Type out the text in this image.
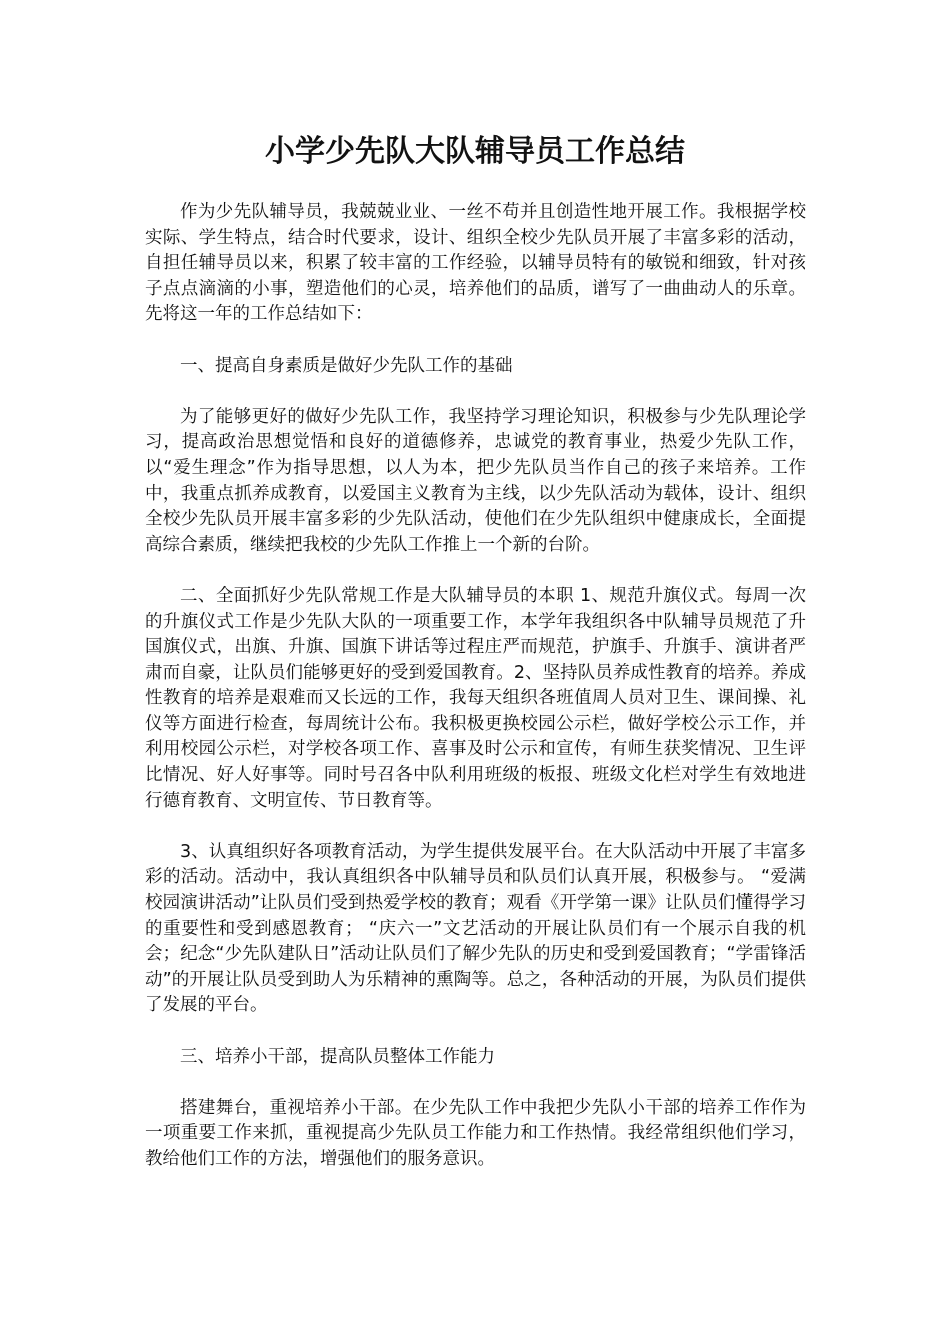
小学少先队大队辅导员工作总结

作为少先队辅导员，我兢兢业业、一丝不苟并且创造性地开展工作。我根据学校实际、学生特点，结合时代要求，设计、组织全校少先队员开展了丰富多彩的活动，自担任辅导员以来，积累了较丰富的工作经验，以辅导员特有的敏锐和细致，针对孩子点点滴滴的小事，塑造他们的心灵，培养他们的品质，谱写了一曲曲动人的乐章。先将这一年的工作总结如下：

一、提高自身素质是做好少先队工作的基础

为了能够更好的做好少先队工作，我坚持学习理论知识，积极参与少先队理论学习，提高政治思想觉悟和良好的道德修养，忠诚党的教育事业，热爱少先队工作，以“爱生理念”作为指导思想，以人为本，把少先队员当作自己的孩子来培养。工作中，我重点抓养成教育，以爱国主义教育为主线，以少先队活动为载体，设计、组织全校少先队员开展丰富多彩的少先队活动，使他们在少先队组织中健康成长，全面提高综合素质，继续把我校的少先队工作推上一个新的台阶。

二、全面抓好少先队常规工作是大队辅导员的本职 1、规范升旗仪式。每周一次的升旗仪式工作是少先队大队的一项重要工作，本学年我组织各中队辅导员规范了升国旗仪式，出旗、升旗、国旗下讲话等过程庄严而规范，护旗手、升旗手、演讲者严肃而自豪，让队员们能够更好的受到爱国教育。2、坚持队员养成性教育的培养。养成性教育的培养是艰难而又长远的工作，我每天组织各班值周人员对卫生、课间操、礼仪等方面进行检查，每周统计公布。我积极更换校园公示栏，做好学校公示工作，并利用校园公示栏，对学校各项工作、喜事及时公示和宣传，有师生获奖情况、卫生评比情况、好人好事等。同时号召各中队利用班级的板报、班级文化栏对学生有效地进行德育教育、文明宣传、节日教育等。

3、认真组织好各项教育活动，为学生提供发展平台。在大队活动中开展了丰富多彩的活动。活动中，我认真组织各中队辅导员和队员们认真开展，积极参与。 “爱满校园演讲活动”让队员们受到热爱学校的教育；观看《开学第一课》让队员们懂得学习的重要性和受到感恩教育； “庆六一”文艺活动的开展让队员们有一个展示自我的机会；纪念“少先队建队日”活动让队员们了解少先队的历史和受到爱国教育；“学雷锋活动”的开展让队员受到助人为乐精神的熏陶等。总之，各种活动的开展，为队员们提供了发展的平台。

三、培养小干部，提高队员整体工作能力

搭建舞台，重视培养小干部。在少先队工作中我把少先队小干部的培养工作作为一项重要工作来抓，重视提高少先队员工作能力和工作热情。我经常组织他们学习，教给他们工作的方法，增强他们的服务意识。
